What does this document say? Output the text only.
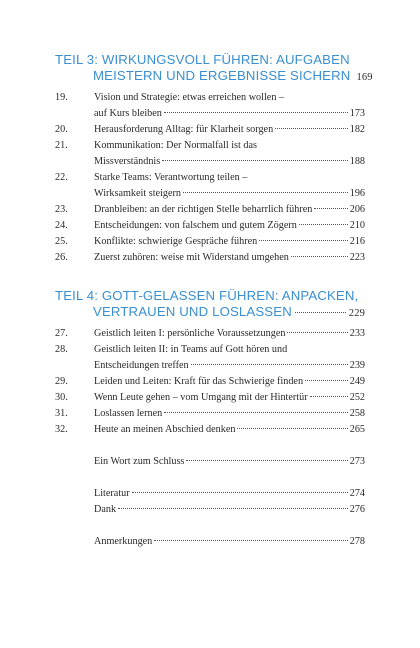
TEIL 3: WIRKUNGSVOLL FÜHREN: AUFGABEN
MEISTERN UND ERGEBNISSE SICHERN 169
19.	Vision und Strategie: etwas erreichen wollen –
auf Kurs bleiben	173
20.	Herausforderung Alltag: für Klarheit sorgen	182
21.	Kommunikation: Der Normalfall ist das
Missverständnis	188
22.	Starke Teams: Verantwortung teilen –
Wirksamkeit steigern	196
23.	Dranbleiben: an der richtigen Stelle beharrlich führen	206
24.	Entscheidungen: von falschem und gutem Zögern	210
25.	Konflikte: schwierige Gespräche führen	216
26.	Zuerst zuhören: weise mit Widerstand umgehen	223
TEIL 4: GOTT-GELASSEN FÜHREN: ANPACKEN,
VERTRAUEN UND LOSLASSEN	229
27.	Geistlich leiten I: persönliche Voraussetzungen	233
28.	Geistlich leiten II: in Teams auf Gott hören und
Entscheidungen treffen	239
29.	Leiden und Leiten: Kraft für das Schwierige finden	249
30.	Wenn Leute gehen – vom Umgang mit der Hintertür	252
31.	Loslassen lernen	258
32.	Heute an meinen Abschied denken	265
Ein Wort zum Schluss	273
Literatur	274
Dank	276
Anmerkungen	278
